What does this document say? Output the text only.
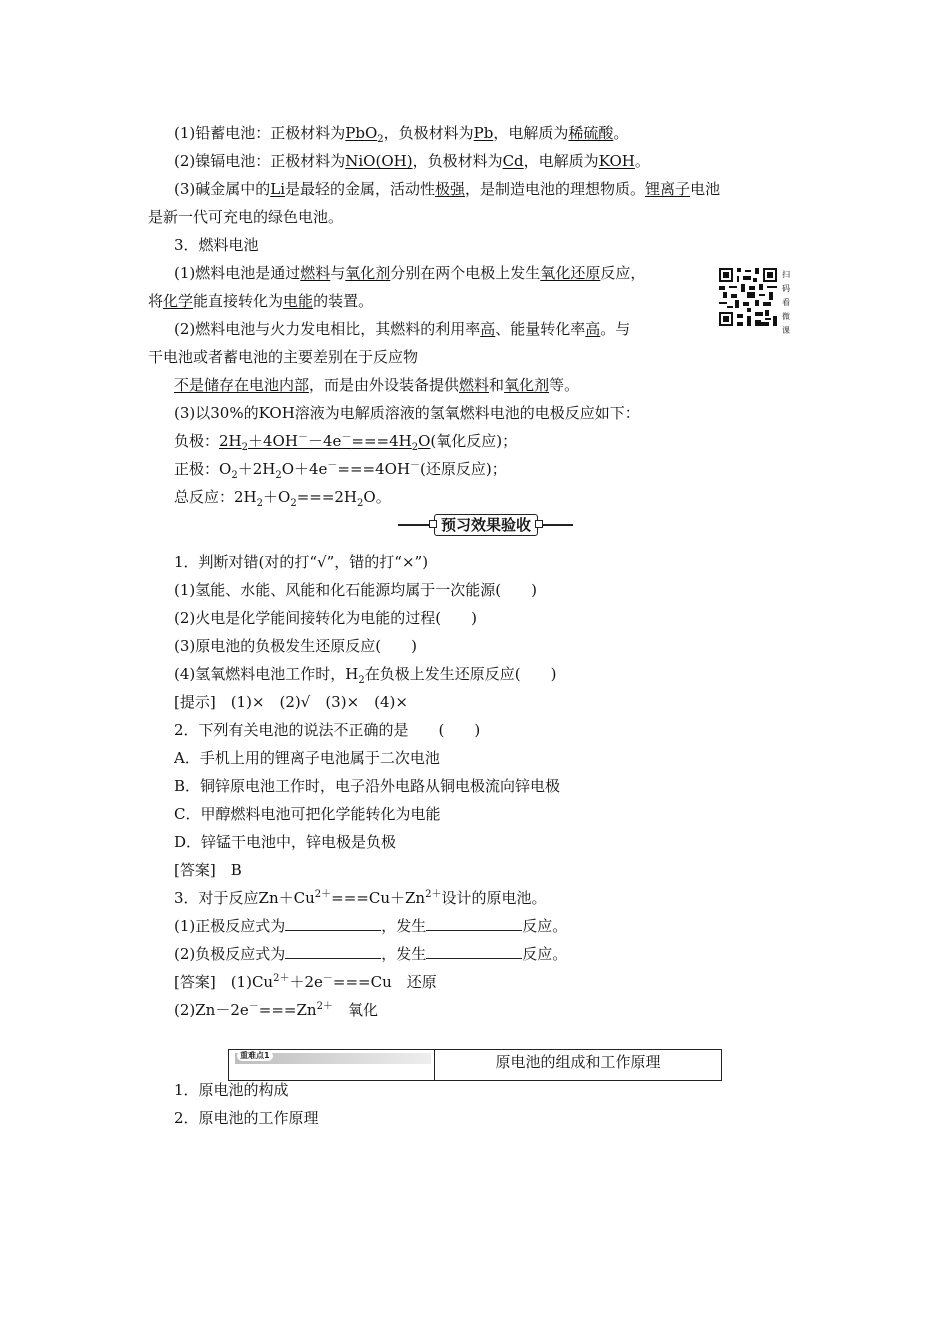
(1)铅蓄电池：正极材料为PbO$_2$，负极材料为Pb，电解质为稀硫酸。
(2)镍镉电池：正极材料为NiO(OH)，负极材料为Cd，电解质为KOH。
(3)碱金属中的Li是最轻的金属，活动性极强，是制造电池的理想物质。锂离子电池
是新一代可充电的绿色电池。
3．燃料电池
(1)燃料电池是通过燃料与氧化剂分别在两个电极上发生氧化还原反应，
将化学能直接转化为电能的装置。
扫码看微课
(2)燃料电池与火力发电相比，其燃料的利用率高、能量转化率高。与
干电池或者蓄电池的主要差别在于反应物
不是储存在电池内部，而是由外设装备提供燃料和氧化剂等。
(3)以30%的KOH溶液为电解质溶液的氢氧燃料电池的电极反应如下：
负极：$2H_2+4OH^--4e^-===4H_2O$(氧化反应)；
正极：$O_2+2H_2O+4e^-===4OH^-$(还原反应)；
总反应：$2H_2+O_2===2H_2O$。
预习效果验收
1．判断对错(对的打“√”，错的打“×”)
(1)氢能、水能、风能和化石能源均属于一次能源(　　)
(2)火电是化学能间接转化为电能的过程(　　)
(3)原电池的负极发生还原反应(　　)
(4)氢氧燃料电池工作时，$H_2$在负极上发生还原反应(　　)
[提示]　(1)×　(2)√　(3)×　(4)×
2．下列有关电池的说法不正确的是　　(　　)
A．手机上用的锂离子电池属于二次电池
B．铜锌原电池工作时，电子沿外电路从铜电极流向锌电极
C．甲醇燃料电池可把化学能转化为电能
D．锌锰干电池中，锌电极是负极
[答案]　B
3．对于反应$Zn+Cu^{2+}===Cu+Zn^{2+}$设计的原电池。
(1)正极反应式为	，发生	反应。
(2)负极反应式为	，发生	反应。
[答案]　$(1)Cu^{2+}+2e^-===Cu$　还原
$(2)Zn-2e^-===Zn^{2+}$　氧化
重难点1	原电池的组成和工作原理
1．原电池的构成
2．原电池的工作原理
